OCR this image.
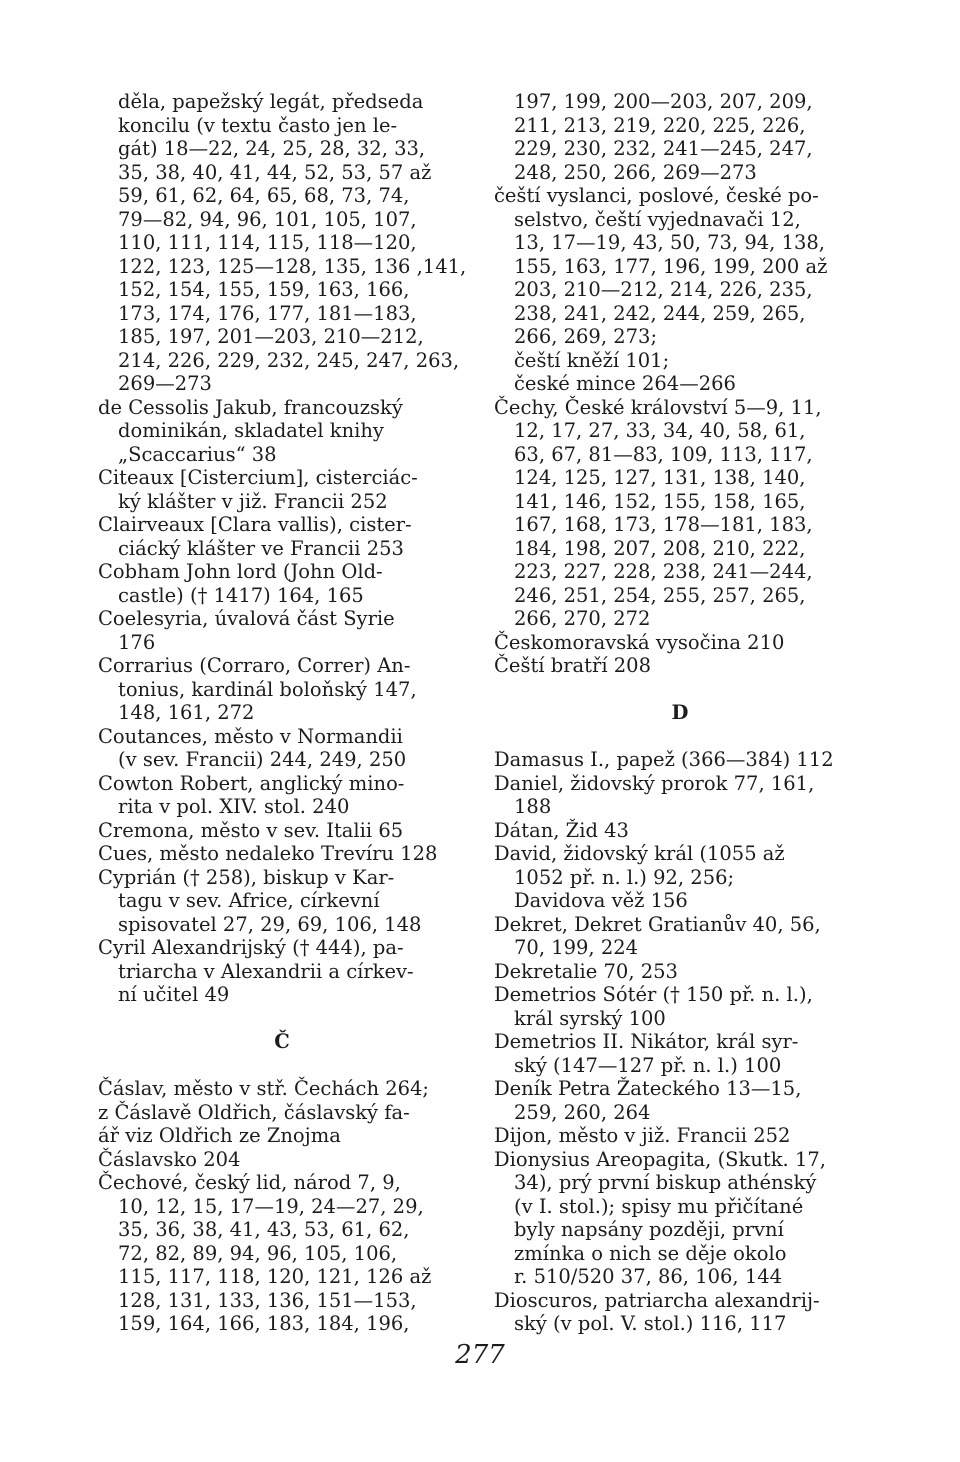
děla, papežský legát, předseda
koncilu (v textu často jen le-
gát) 18—22, 24, 25, 28, 32, 33,
35, 38, 40, 41, 44, 52, 53, 57 až
59, 61, 62, 64, 65, 68, 73, 74,
79—82, 94, 96, 101, 105, 107,
110, 111, 114, 115, 118—120,
122, 123, 125—128, 135, 136 ,141,
152, 154, 155, 159, 163, 166,
173, 174, 176, 177, 181—183,
185, 197, 201—203, 210—212,
214, 226, 229, 232, 245, 247, 263,
269—273
de Cessolis Jakub, francouzský
dominikán, skladatel knihy
„Scaccarius“ 38
Citeaux [Cistercium], cisterciác-
ký klášter v již. Francii 252
Clairveaux [Clara vallis), cister-
ciácký klášter ve Francii 253
Cobham John lord (John Old-
castle) († 1417) 164, 165
Coelesyria, úvalová část Syrie
176
Corrarius (Corraro, Correr) An-
tonius, kardinál boloňský 147,
148, 161, 272
Coutances, město v Normandii
(v sev. Francii) 244, 249, 250
Cowton Robert, anglický mino-
rita v pol. XIV. stol. 240
Cremona, město v sev. Italii 65
Cues, město nedaleko Trevíru 128
Cyprián († 258), biskup v Kar-
tagu v sev. Africe, církevní
spisovatel 27, 29, 69, 106, 148
Cyril Alexandrijský († 444), pa-
triarcha v Alexandrii a církev-
ní učitel 49
Č
Čáslav, město v stř. Čechách 264;
z Čáslavě Oldřich, čáslavský fa-
ář viz Oldřich ze Znojma
Čáslavsko 204
Čechové, český lid, národ 7, 9,
10, 12, 15, 17—19, 24—27, 29,
35, 36, 38, 41, 43, 53, 61, 62,
72, 82, 89, 94, 96, 105, 106,
115, 117, 118, 120, 121, 126 až
128, 131, 133, 136, 151—153,
159, 164, 166, 183, 184, 196,
197, 199, 200—203, 207, 209,
211, 213, 219, 220, 225, 226,
229, 230, 232, 241—245, 247,
248, 250, 266, 269—273
čeští vyslanci, poslové, české po-
selstvo, čeští vyjednavači 12,
13, 17—19, 43, 50, 73, 94, 138,
155, 163, 177, 196, 199, 200 až
203, 210—212, 214, 226, 235,
238, 241, 242, 244, 259, 265,
266, 269, 273;
čeští kněží 101;
české mince 264—266
Čechy, České království 5—9, 11,
12, 17, 27, 33, 34, 40, 58, 61,
63, 67, 81—83, 109, 113, 117,
124, 125, 127, 131, 138, 140,
141, 146, 152, 155, 158, 165,
167, 168, 173, 178—181, 183,
184, 198, 207, 208, 210, 222,
223, 227, 228, 238, 241—244,
246, 251, 254, 255, 257, 265,
266, 270, 272
Českomoravská vysočina 210
Čeští bratří 208
D
Damasus I., papež (366—384) 112
Daniel, židovský prorok 77, 161,
188
Dátan, Žid 43
David, židovský král (1055 až
1052 př. n. l.) 92, 256;
Davidova věž 156
Dekret, Dekret Gratianův 40, 56,
70, 199, 224
Dekretalie 70, 253
Demetrios Sótér († 150 př. n. l.),
král syrský 100
Demetrios II. Nikátor, král syr-
ský (147—127 př. n. l.) 100
Deník Petra Žateckého 13—15,
259, 260, 264
Dijon, město v již. Francii 252
Dionysius Areopagita, (Skutk. 17,
34), prý první biskup athénský
(v I. stol.); spisy mu přičítané
byly napsány později, první
zmínka o nich se děje okolo
r. 510/520 37, 86, 106, 144
Dioscuros, patriarcha alexandrij-
ský (v pol. V. stol.) 116, 117
277
